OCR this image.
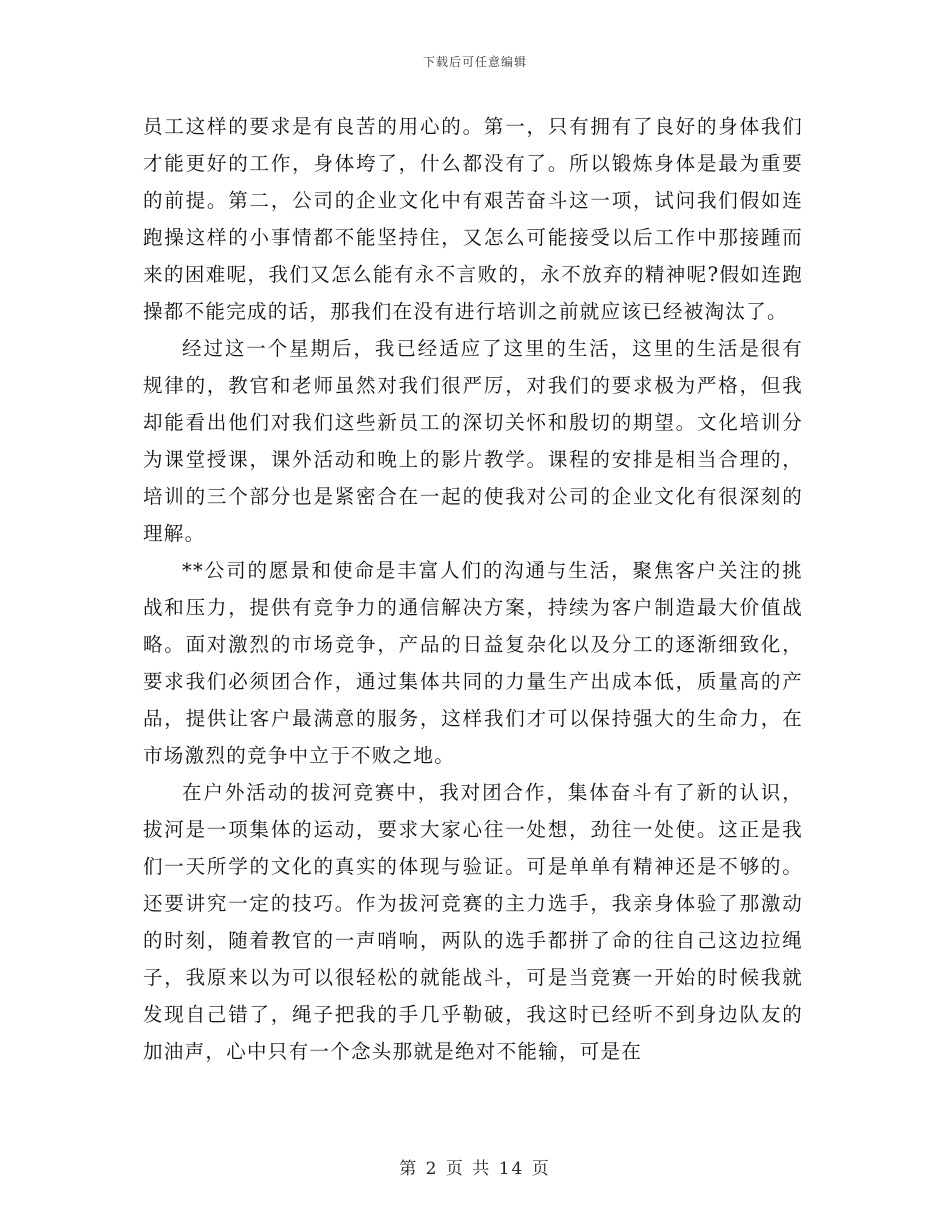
下载后可任意编辑

员工这样的要求是有良苦的用心的。第一，只有拥有了良好的身体我们才能更好的工作，身体垮了，什么都没有了。所以锻炼身体是最为重要的前提。第二，公司的企业文化中有艰苦奋斗这一项，试问我们假如连跑操这样的小事情都不能坚持住，又怎么可能接受以后工作中那接踵而来的困难呢，我们又怎么能有永不言败的，永不放弃的精神呢?假如连跑操都不能完成的话，那我们在没有进行培训之前就应该已经被淘汰了。

经过这一个星期后，我已经适应了这里的生活，这里的生活是很有规律的，教官和老师虽然对我们很严厉，对我们的要求极为严格，但我却能看出他们对我们这些新员工的深切关怀和殷切的期望。文化培训分为课堂授课，课外活动和晚上的影片教学。课程的安排是相当合理的，培训的三个部分也是紧密合在一起的使我对公司的企业文化有很深刻的理解。

**公司的愿景和使命是丰富人们的沟通与生活，聚焦客户关注的挑战和压力，提供有竞争力的通信解决方案，持续为客户制造最大价值战略。面对激烈的市场竞争，产品的日益复杂化以及分工的逐渐细致化，要求我们必须团合作，通过集体共同的力量生产出成本低，质量高的产品，提供让客户最满意的服务，这样我们才可以保持强大的生命力，在市场激烈的竞争中立于不败之地。

在户外活动的拔河竞赛中，我对团合作，集体奋斗有了新的认识，拔河是一项集体的运动，要求大家心往一处想，劲往一处使。这正是我们一天所学的文化的真实的体现与验证。可是单单有精神还是不够的。还要讲究一定的技巧。作为拔河竞赛的主力选手，我亲身体验了那激动的时刻，随着教官的一声哨响，两队的选手都拼了命的往自己这边拉绳子，我原来以为可以很轻松的就能战斗，可是当竞赛一开始的时候我就发现自己错了，绳子把我的手几乎勒破，我这时已经听不到身边队友的加油声，心中只有一个念头那就是绝对不能输，可是在

第 2 页 共 14 页
